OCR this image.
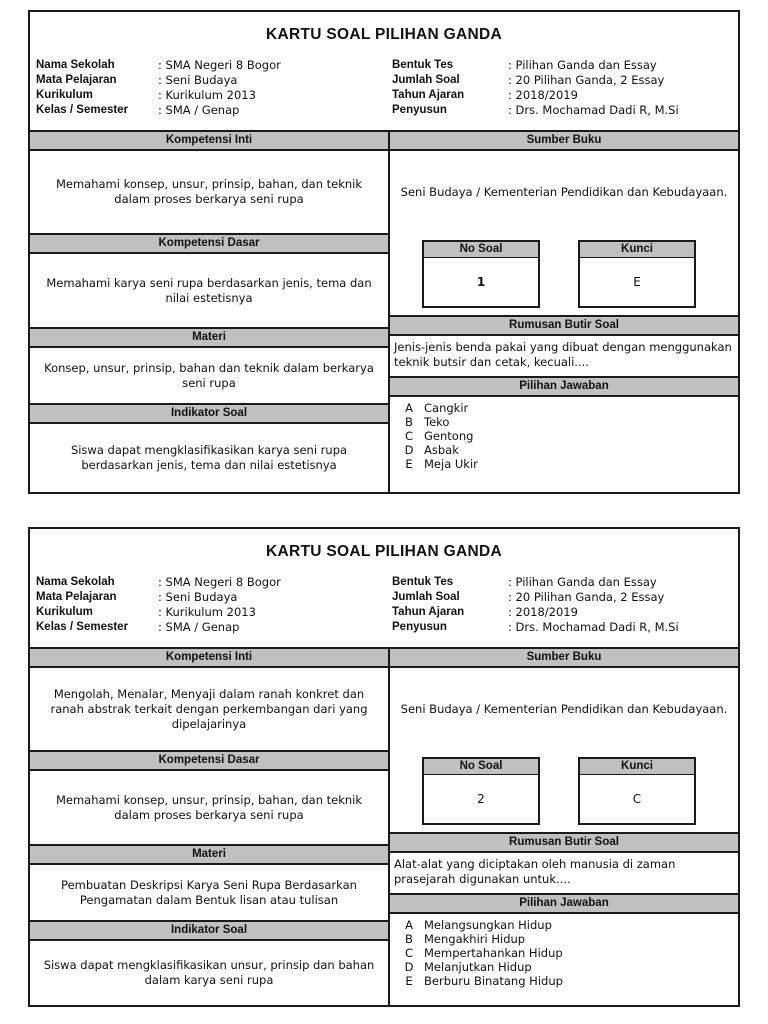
KARTU SOAL PILIHAN GANDA
Nama Sekolah	: SMA Negeri 8 Bogor
Mata Pelajaran	: Seni Budaya
Kurikulum	: Kurikulum 2013
Kelas / Semester	: SMA / Genap
Bentuk Tes	: Pilihan Ganda dan Essay
Jumlah Soal	: 20 Pilihan Ganda, 2 Essay
Tahun Ajaran	: 2018/2019
Penyusun	: Drs. Mochamad Dadi R, M.Si
Kompetensi Inti
Memahami konsep, unsur, prinsip, bahan, dan teknik dalam proses berkarya seni rupa
Kompetensi Dasar
Memahami karya seni rupa berdasarkan jenis, tema dan nilai estetisnya
Materi
Konsep, unsur, prinsip, bahan dan teknik dalam berkarya seni rupa
Indikator Soal
Siswa dapat mengklasifikasikan karya seni rupa berdasarkan jenis, tema dan nilai estetisnya
Sumber Buku
Seni Budaya / Kementerian Pendidikan dan Kebudayaan.
No Soal
1
Kunci
E
Rumusan Butir Soal
Jenis-jenis benda pakai yang dibuat dengan menggunakan teknik butsir dan cetak, kecuali....
Pilihan Jawaban
A Cangkir
B Teko
C Gentong
D Asbak
E Meja Ukir
KARTU SOAL PILIHAN GANDA
Nama Sekolah	: SMA Negeri 8 Bogor
Mata Pelajaran	: Seni Budaya
Kurikulum	: Kurikulum 2013
Kelas / Semester	: SMA / Genap
Bentuk Tes	: Pilihan Ganda dan Essay
Jumlah Soal	: 20 Pilihan Ganda, 2 Essay
Tahun Ajaran	: 2018/2019
Penyusun	: Drs. Mochamad Dadi R, M.Si
Kompetensi Inti
Mengolah, Menalar, Menyaji dalam ranah konkret dan ranah abstrak terkait dengan perkembangan dari yang dipelajarinya
Kompetensi Dasar
Memahami konsep, unsur, prinsip, bahan, dan teknik dalam proses berkarya seni rupa
Materi
Pembuatan Deskripsi Karya Seni Rupa Berdasarkan Pengamatan dalam Bentuk lisan atau tulisan
Indikator Soal
Siswa dapat mengklasifikasikan unsur, prinsip dan bahan dalam karya seni rupa
Sumber Buku
Seni Budaya / Kementerian Pendidikan dan Kebudayaan.
No Soal
2
Kunci
C
Rumusan Butir Soal
Alat-alat yang diciptakan oleh manusia di zaman prasejarah digunakan untuk....
Pilihan Jawaban
A Melangsungkan Hidup
B Mengakhiri Hidup
C Mempertahankan Hidup
D Melanjutkan Hidup
E Berburu Binatang Hidup
